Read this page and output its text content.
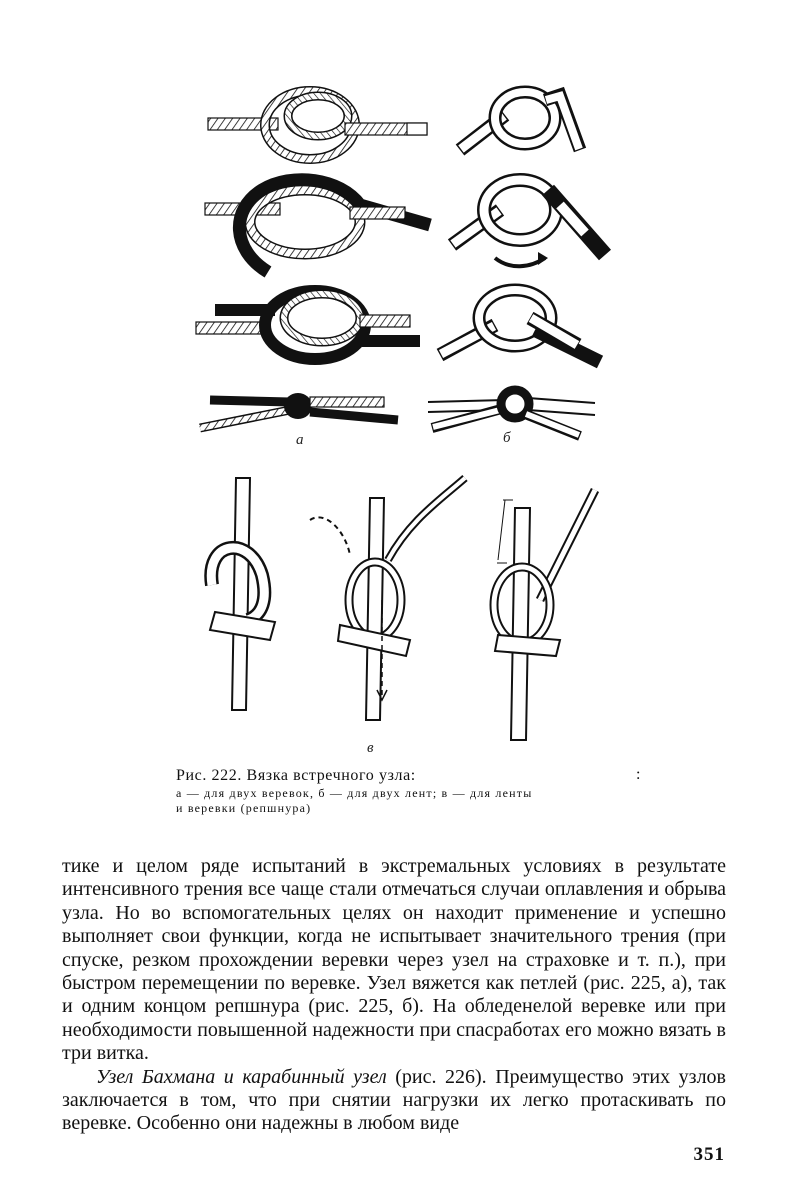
а	б
в
Рис. 222. Вязка встречного узла:
а — для двух веревок, б — для двух лент; в — для ленты
и веревки (репшнура)
:

тике и целом ряде испытаний в экстремальных условиях в результате интенсивного трения все чаще стали отмечаться случаи оплавления и обрыва узла. Но во вспомогательных целях он находит применение и успешно выполняет свои функции, когда не испытывает значительного трения (при спуске, резком прохождении веревки через узел на страховке и т. п.), при быстром перемещении по веревке. Узел вяжется как петлей (рис. 225, а), так и одним концом репшнура (рис. 225, б). На обледенелой веревке или при необходимости повышенной надежности при спасработах его можно вязать в три витка.

Узел Бахмана и карабинный узел (рис. 226). Преимущество этих узлов заключается в том, что при снятии нагрузки их легко протаскивать по веревке. Особенно они надежны в любом виде

351
